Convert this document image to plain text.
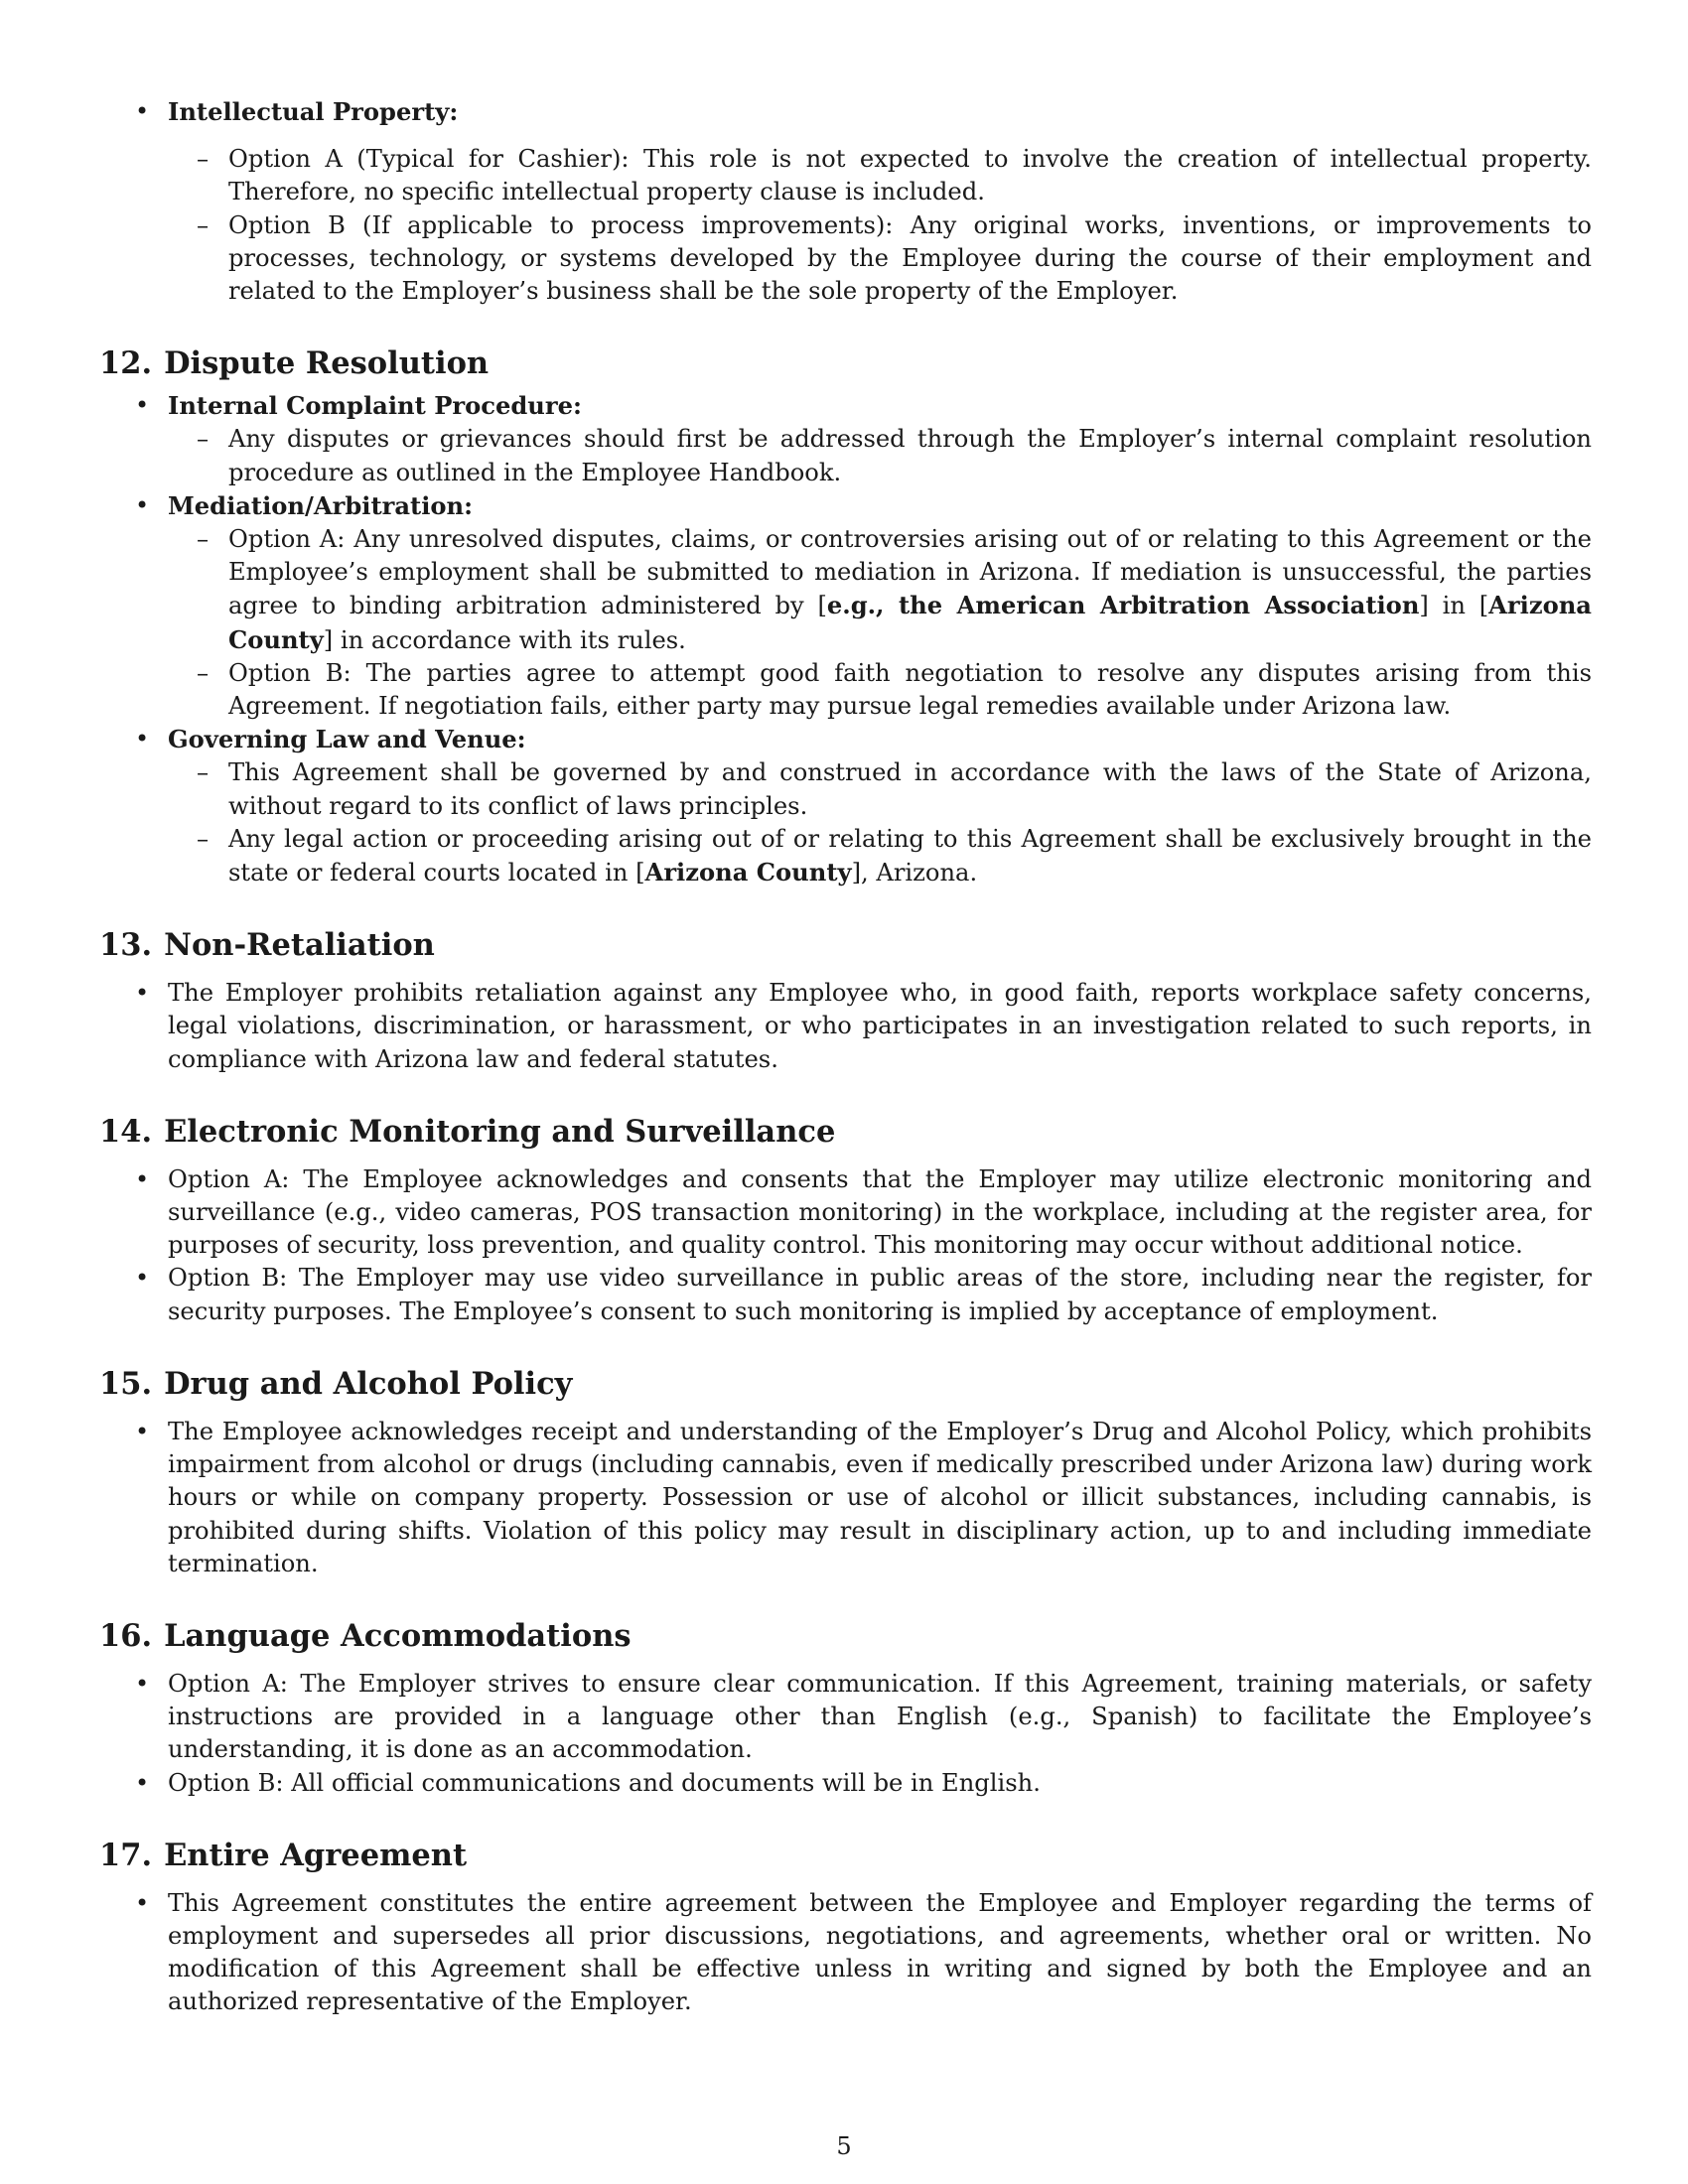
• Intellectual Property:
– Option A (Typical for Cashier): This role is not expected to involve the creation of intellectual property. Therefore, no specific intellectual property clause is included.
– Option B (If applicable to process improvements): Any original works, inventions, or improvements to processes, technology, or systems developed by the Employee during the course of their employment and related to the Employer’s business shall be the sole property of the Employer.
12. Dispute Resolution
• Internal Complaint Procedure:
– Any disputes or grievances should first be addressed through the Employer’s internal complaint resolution procedure as outlined in the Employee Handbook.
• Mediation/Arbitration:
– Option A: Any unresolved disputes, claims, or controversies arising out of or relating to this Agreement or the Employee’s employment shall be submitted to mediation in Arizona. If mediation is unsuccessful, the parties agree to binding arbitration administered by [e.g., the American Arbitration Association] in [Arizona County] in accordance with its rules.
– Option B: The parties agree to attempt good faith negotiation to resolve any disputes arising from this Agreement. If negotiation fails, either party may pursue legal remedies available under Arizona law.
• Governing Law and Venue:
– This Agreement shall be governed by and construed in accordance with the laws of the State of Arizona, without regard to its conflict of laws principles.
– Any legal action or proceeding arising out of or relating to this Agreement shall be exclusively brought in the state or federal courts located in [Arizona County], Arizona.
13. Non-Retaliation
• The Employer prohibits retaliation against any Employee who, in good faith, reports workplace safety concerns, legal violations, discrimination, or harassment, or who participates in an investigation related to such reports, in compliance with Arizona law and federal statutes.
14. Electronic Monitoring and Surveillance
• Option A: The Employee acknowledges and consents that the Employer may utilize electronic monitoring and surveillance (e.g., video cameras, POS transaction monitoring) in the workplace, including at the register area, for purposes of security, loss prevention, and quality control. This monitoring may occur without additional notice.
• Option B: The Employer may use video surveillance in public areas of the store, including near the register, for security purposes. The Employee’s consent to such monitoring is implied by acceptance of employment.
15. Drug and Alcohol Policy
• The Employee acknowledges receipt and understanding of the Employer’s Drug and Alcohol Policy, which prohibits impairment from alcohol or drugs (including cannabis, even if medically prescribed under Arizona law) during work hours or while on company property. Possession or use of alcohol or illicit substances, including cannabis, is prohibited during shifts. Violation of this policy may result in disciplinary action, up to and including immediate termination.
16. Language Accommodations
• Option A: The Employer strives to ensure clear communication. If this Agreement, training materials, or safety instructions are provided in a language other than English (e.g., Spanish) to facilitate the Employee’s understanding, it is done as an accommodation.
• Option B: All official communications and documents will be in English.
17. Entire Agreement
• This Agreement constitutes the entire agreement between the Employee and Employer regarding the terms of employment and supersedes all prior discussions, negotiations, and agreements, whether oral or written. No modification of this Agreement shall be effective unless in writing and signed by both the Employee and an authorized representative of the Employer.
5
